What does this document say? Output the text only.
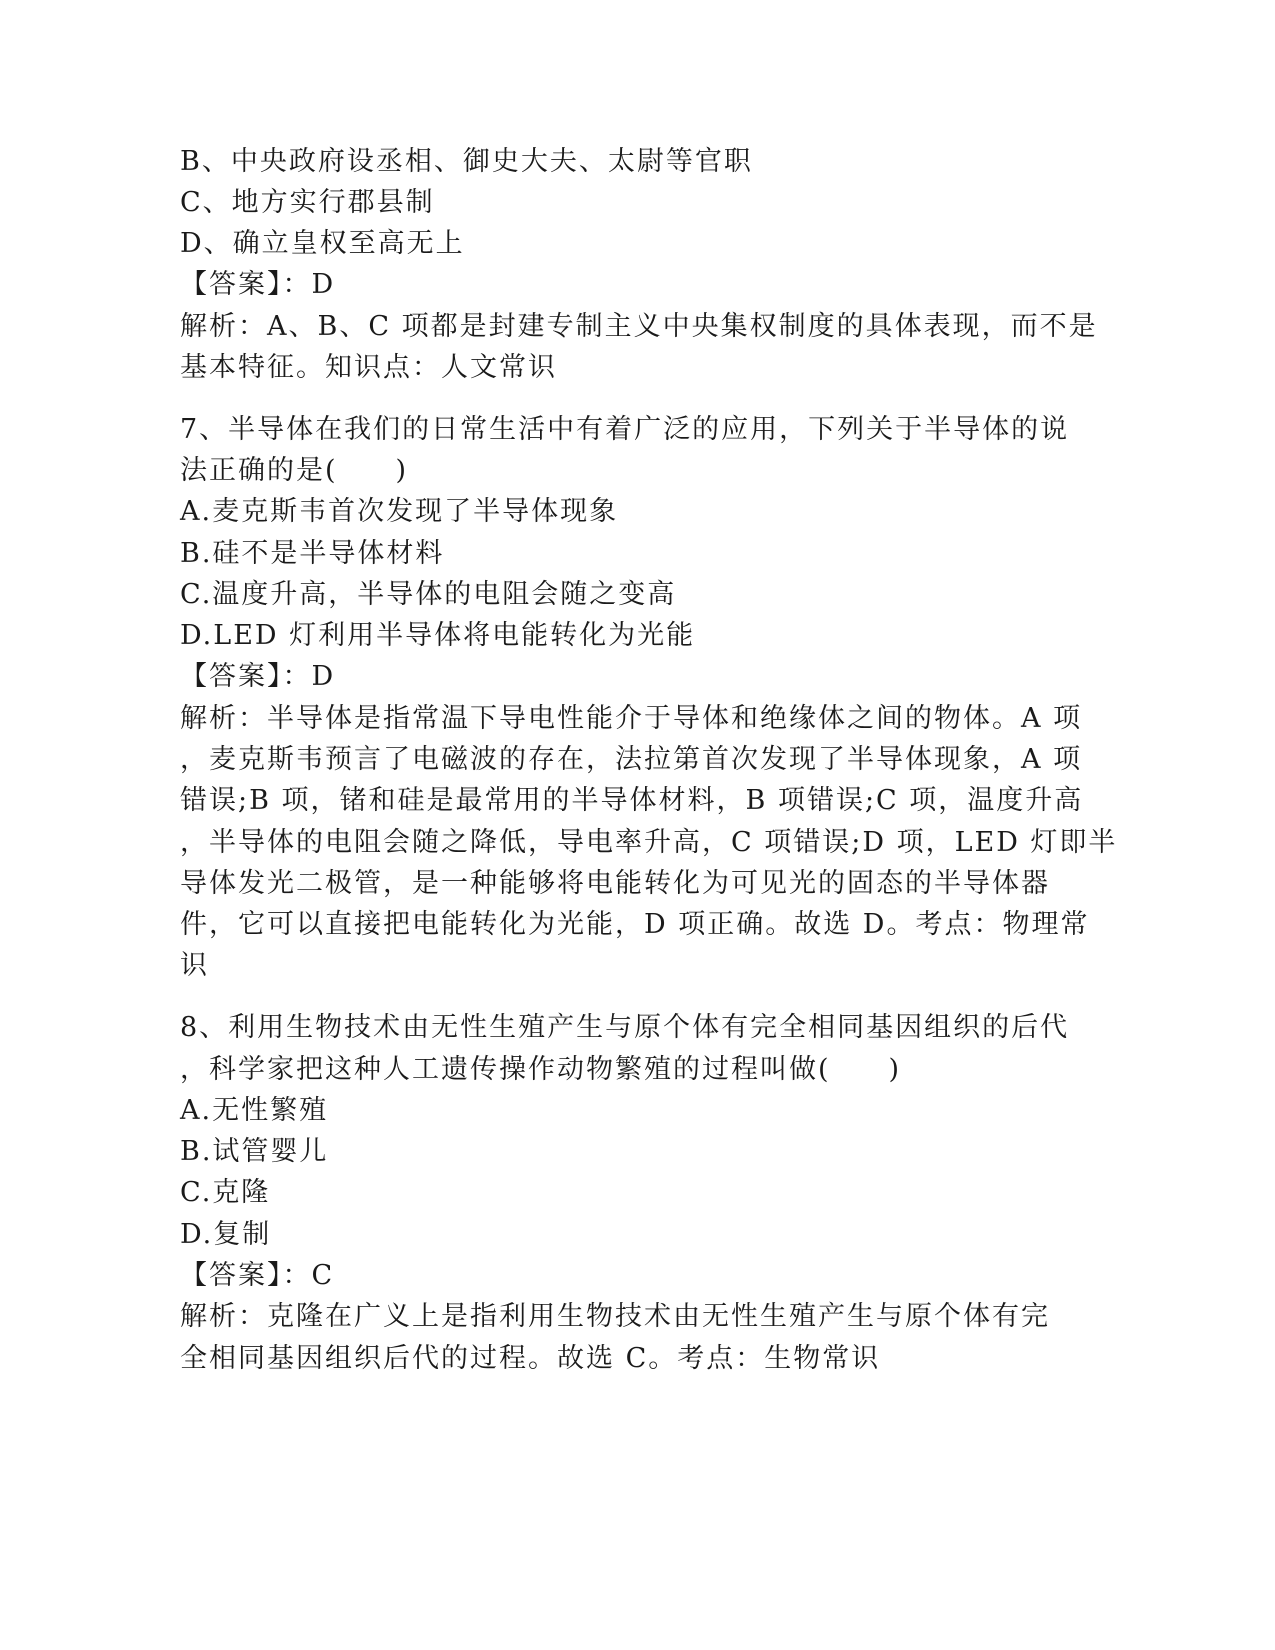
B、中央政府设丞相、御史大夫、太尉等官职
C、地方实行郡县制
D、确立皇权至高无上
【答案】：D
解析：A、B、C 项都是封建专制主义中央集权制度的具体表现，而不是
基本特征。知识点：人文常识
7、半导体在我们的日常生活中有着广泛的应用，下列关于半导体的说
法正确的是(　　)
A.麦克斯韦首次发现了半导体现象
B.硅不是半导体材料
C.温度升高，半导体的电阻会随之变高
D.LED 灯利用半导体将电能转化为光能
【答案】：D
解析：半导体是指常温下导电性能介于导体和绝缘体之间的物体。A 项
，麦克斯韦预言了电磁波的存在，法拉第首次发现了半导体现象，A 项
错误;B 项，锗和硅是最常用的半导体材料，B 项错误;C 项，温度升高
，半导体的电阻会随之降低，导电率升高，C 项错误;D 项，LED 灯即半
导体发光二极管，是一种能够将电能转化为可见光的固态的半导体器
件，它可以直接把电能转化为光能，D 项正确。故选 D。考点：物理常
识
8、利用生物技术由无性生殖产生与原个体有完全相同基因组织的后代
，科学家把这种人工遗传操作动物繁殖的过程叫做(　　)
A.无性繁殖
B.试管婴儿
C.克隆
D.复制
【答案】：C
解析：克隆在广义上是指利用生物技术由无性生殖产生与原个体有完
全相同基因组织后代的过程。故选 C。考点：生物常识
